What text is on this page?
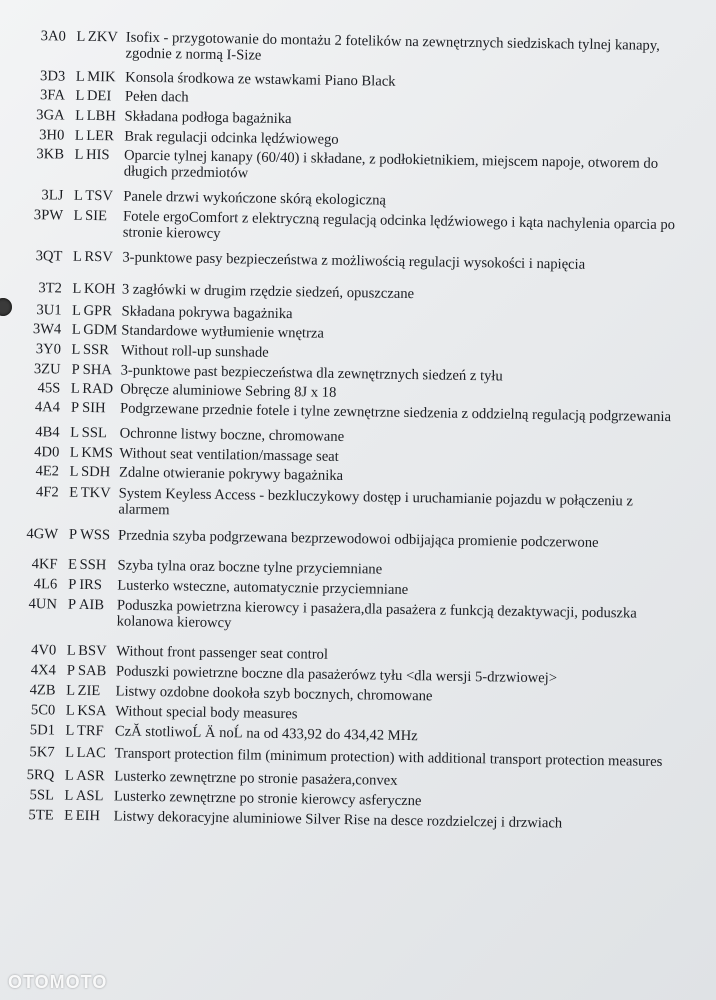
3A0 L ZKV Isofix - przygotowanie do montażu 2 fotelików na zewnętrznych siedziskach tylnej kanapy, zgodnie z normą I-Size
3D3 L MIK Konsola środkowa ze wstawkami Piano Black
3FA L DEI Pełen dach
3GA L LBH Składana podłoga bagażnika
3H0 L LER Brak regulacji odcinka lędźwiowego
3KB L HIS Oparcie tylnej kanapy (60/40) i składane, z podłokietnikiem, miejscem napoje, otworem do długich przedmiotów
3LJ L TSV Panele drzwi wykończone skórą ekologiczną
3PW L SIE	Fotele ergoComfort z elektryczną regulacją odcinka lędźwiowego i kąta nachylenia oparcia po stronie kierowcy
3QT L RSV 3-punktowe pasy bezpieczeństwa z możliwością regulacji wysokości i napięcia
3T2 L KOH 3 zagłówki w drugim rzędzie siedzeń, opuszczane
3U1 L GPR Składana pokrywa bagażnika
3W4 L GDM Standardowe wytłumienie wnętrza
3Y0 L SSR Without roll-up sunshade
3ZU P SHA 3-punktowe past bezpieczeństwa dla zewnętrznych siedzeń z tyłu
45S L RAD Obręcze aluminiowe Sebring 8J x 18
4A4 P SIH Podgrzewane przednie fotele i tylne zewnętrzne siedzenia z oddzielną regulacją podgrzewania
4B4 L SSL Ochronne listwy boczne, chromowane
4D0 L KMS Without seat ventilation/massage seat
4E2 L SDH Zdalne otwieranie pokrywy bagażnika
4F2 E TKV System Keyless Access - bezkluczykowy dostęp i uruchamianie pojazdu w połączeniu z alarmem
4GW P WSS Przednia szyba podgrzewana bezprzewodowoi odbijająca promienie podczerwone
4KF E SSH Szyba tylna oraz boczne tylne przyciemniane
4L6 P IRS	Lusterko wsteczne, automatycznie przyciemniane
4UN P AIB Poduszka powietrzna kierowcy i pasażera,dla pasażera z funkcją dezaktywacji, poduszka kolanowa kierowcy
4V0 L BSV Without front passenger seat control
4X4 P SAB Poduszki powietrzne boczne dla pasażerówz tyłu <dla wersji 5-drzwiowej>
4ZB L ZIE	Listwy ozdobne dookoła szyb bocznych, chromowane
5C0 L KSA Without special body measures
5D1 L TRF CzĂ stotliwoĹ Ä noĹ na od 433,92 do 434,42 MHz
5K7 L LAC Transport protection film (minimum protection) with additional transport protection measures
5RQ L ASR Lusterko zewnętrzne po stronie pasażera,convex
5SL L ASL Lusterko zewnętrzne po stronie kierowcy asferyczne
5TE E EIH Listwy dekoracyjne aluminiowe Silver Rise na desce rozdzielczej i drzwiach
OTOMOTO
